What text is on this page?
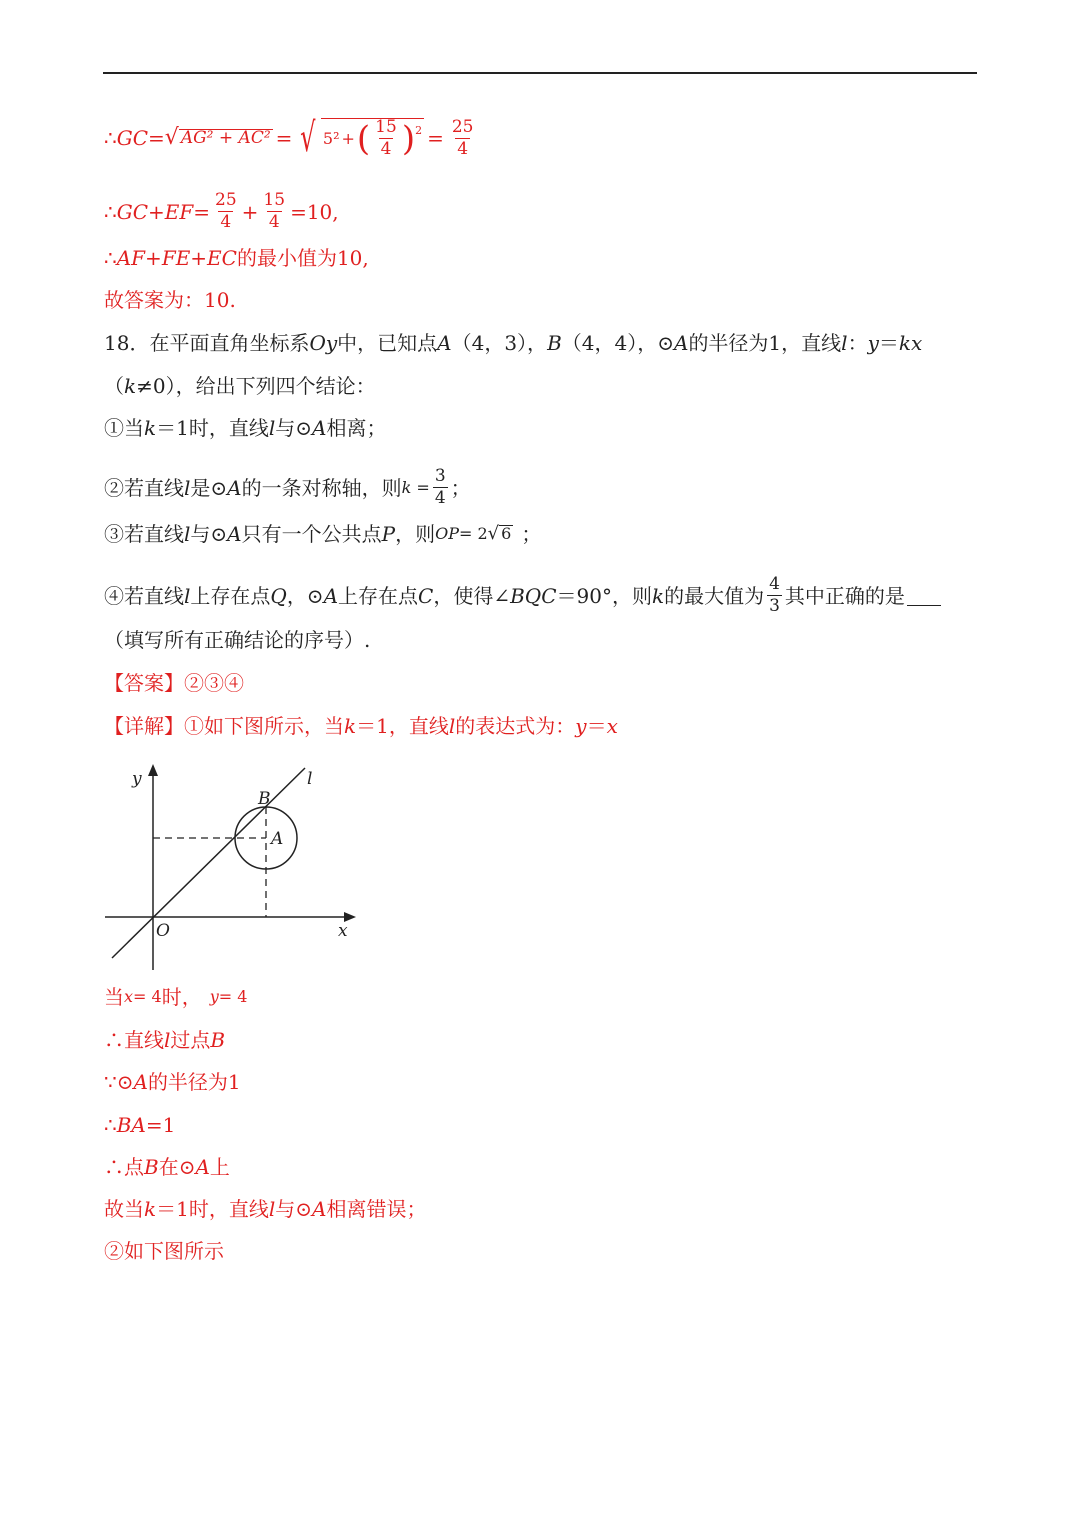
∴ GC = √ AG² + AC² = √ 5² + ( $\frac{15}{4} )^2 = \frac{25}{4}$
∴ $GC+EF = \frac{25}{4} + \frac{15}{4} =10$,
∴ AF+FE+EC 的最小值为10,
故答案为：10.
18．在平面直角坐标系 Oy 中，已知点 A （4，3）， B （4，4），⊙ A 的半径为1，直线 l ： y ＝ kx
（ k ≠0），给出下列四个结论：
①当 k ＝1时，直线 l 与⊙ A 相离；
②若直线 l 是⊙ A 的一条对称轴，则 $k = \frac{3}{4}$ ；
③若直线 l 与⊙ A 只有一个公共点 P ，则 OP = 2 √ 6 ；
④若直线 l 上存在点 Q ，⊙ A 上存在点 C ，使得∠ BQC ＝90°，则 k 的最大值为 $\frac{4}{3}$ 其中正确的是
（填写所有正确结论的序号）.
【答案】②③④
【详解】 ①如下图所示，当 k ＝1，直线 l 的表达式为： y ＝ x
y
x
O
B
A
l
当 x = 4 时， y = 4
∴直线 l 过点 B
∵⊙ A 的半径为1
∴ BA =1
∴点 B 在⊙ A 上
故当 k ＝1时，直线 l 与⊙ A 相离错误；
②如下图所示
